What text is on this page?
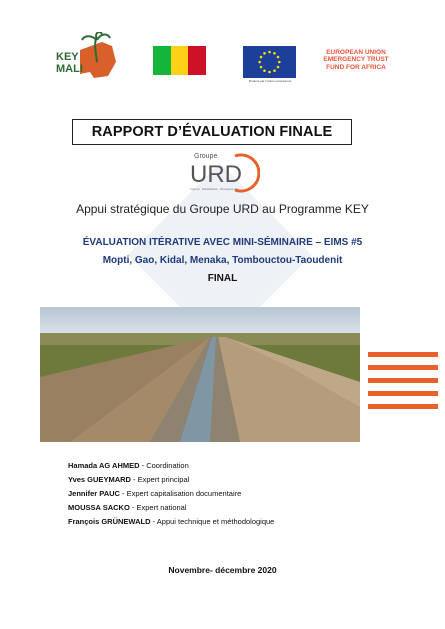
KEY
MALI
Financé par l'Union européenne
EUROPEAN UNION
EMERGENCY TRUST
FUND FOR AFRICA
RAPPORT D’ÉVALUATION FINALE
Groupe
URD
Urgence · Réhabilitation · Développement
Appui stratégique du Groupe URD au Programme KEY
ÉVALUATION ITÉRATIVE AVEC MINI-SÉMINAIRE – EIMS #5
Mopti, Gao, Kidal, Menaka, Tombouctou-Taoudenit
FINAL
Hamada AG AHMED - Coordination
Yves GUEYMARD - Expert principal
Jennifer PAUC - Expert capitalisation documentaire
MOUSSA SACKO - Expert national
François GRÜNEWALD - Appui technique et méthodologique
Novembre- décembre 2020
